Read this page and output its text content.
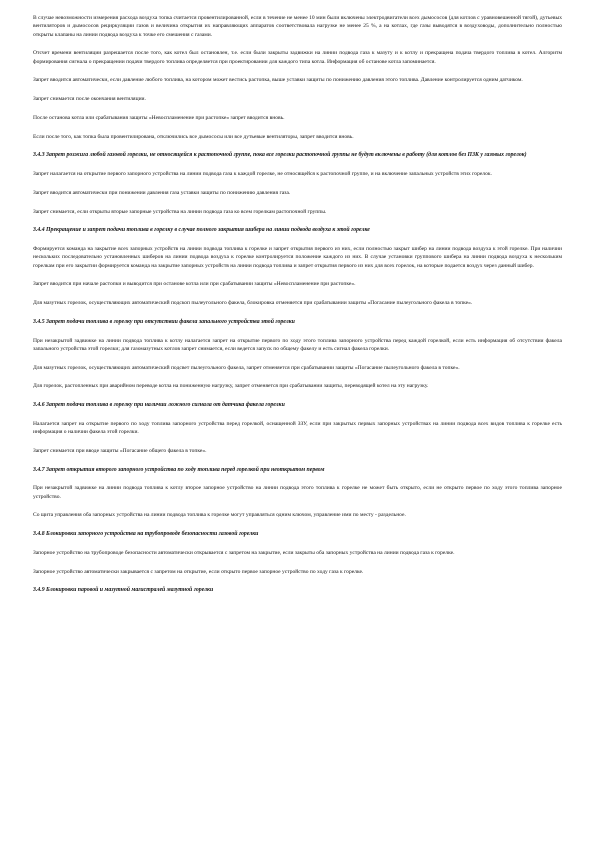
В случае невозможности измерения расхода воздуха топка считается провентилированной, если в течение не менее 10 мин были включены электродвигатели всех дымососов (для котлов с уравновешенной тягой), дутьевых вентиляторов и дымососов рециркуляции газов и величина открытия их направляющих аппаратов соответствовала нагрузке не менее 25 %, а на котлах, где газы выводятся в воздуховоды, дополнительно полностью открыты клапаны на линии подвода воздуха к точке его смешения с газами.

Отсчет времени вентиляции разрешается после того, как котел был остановлен, т.е. если были закрыты задвижки на линии подвода газа к мазуту и к котлу и прекращена подача твердого топлива в котел. Алгоритм формирования сигнала о прекращении подачи твердого топлива определяется при проектировании для каждого типа котла. Информация об останове котла запоминается.

Запрет вводится автоматически, если давление любого топлива, на котором может вестись растопка, выше уставки защиты по понижению давления этого топлива. Давление контролируется одним датчиком.

Запрет снимается после окончания вентиляции.

После останова котла или срабатывания защиты «Невоспламенение при растопке» запрет вводится вновь.

Если после того, как топка была провентилирована, отключились все дымососы или все дутьевые вентиляторы, запрет вводится вновь.

3.4.3 Запрет розжига любой газовой горелки, не относящейся к растопочной группе, пока все горелки растопочной группы не будут включены в работу (для котлов без ПЗК у газовых горелок)

Запрет налагается на открытие первого запорного устройства на линии подвода газа к каждой горелке, не относящейся к растопочной группе, и на включение запальных устройств этих горелок.

Запрет вводится автоматически при понижении давления газа уставки защиты по понижению давления газа.

Запрет снимается, если открыты вторые запорные устройства на линии подвода газа ко всем горелкам растопочной группы.

3.4.4 Прекращение и запрет подачи топлива в горелку в случае полного закрытия шибера на линии подвода воздуха к этой горелке

Формируется команда на закрытие всех запорных устройств на линии подвода топлива к горелке и запрет открытия первого из них, если полностью закрыт шибер на линии подвода воздуха к этой горелке. При наличии нескольких последовательно установленных шиберов на линии подвода воздуха к горелке контролируется положение каждого из них. В случае установки группового шибера на линии подвода воздуха к нескольким горелкам при его закрытии формируется команда на закрытие запорных устройств на линии подвода топлива и запрет открытия первого из них для всех горелок, на которые подается воздух через данный шибер.

Запрет вводится при начале растопки и выводится при останове котла или при срабатывании защиты «Невоспламенение при растопке».

Для мазутных горелок, осуществляющих автоматический подскоп пылеугольного факела, блокировка отменяется при срабатывании защиты «Погасание пылеугольного факела в топке».

3.4.5 Запрет подачи топлива в горелку при отсутствии факела запального устройства этой горелки

При незакрытой задвижке на линии подвода топлива к котлу налагается запрет на открытие первого по ходу этого топлива запорного устройства перед каждой горелкой, если есть информация об отсутствии факела запального устройства этой горелки; для газомазутных котлов запрет снимается, если ведется запуск по общему факелу и есть сигнал факела горелки.

Для мазутных горелок, осуществляющих автоматический подсвет пылеугольного факела, запрет отменяется при срабатывании защиты «Погасание пылеугольного факела в топке».

Для горелок, растопленных при аварийном переводе котла на пониженную нагрузку, запрет отменяется при срабатывании защиты, переводящей котел на эту нагрузку.

3.4.6 Запрет подачи топлива в горелку при наличии ложного сигнала от датчика факела горелки

Налагается запрет на открытие первого по ходу топлива запорного устройства перед горелкой, оснащенной ЗЗУ, если при закрытых первых запорных устройствах на линии подвода всех видов топлива к горелке есть информация о наличии факела этой горелки.

Запрет снимается при вводе защиты «Погасание общего факела в топке».

3.4.7 Запрет открытия второго запорного устройства по ходу топлива перед горелкой при неоткрытом первом

При незакрытой задвижке на линии подвода топлива к котлу второе запорное устройство на линии подвода этого топлива к горелке не может быть открыто, если не открыто первое по ходу этого топлива запорное устройство.

Со щита управления оба запорных устройства на линии подвода топлива к горелке могут управляться одним ключом, управление ими по месту - раздельное.

3.4.8 Блокировки запорного устройства на трубопроводе безопасности газовой горелки

Запорное устройство на трубопроводе безопасности автоматически открывается с запретом на закрытие, если закрыты оба запорных устройства на линии подвода газа к горелке.

Запорное устройство автоматически закрывается с запретом на открытие, если открыто первое запорное устройство по ходу газа к горелке.

3.4.9 Блокировки паровой и мазутной магистралей мазутной горелки
